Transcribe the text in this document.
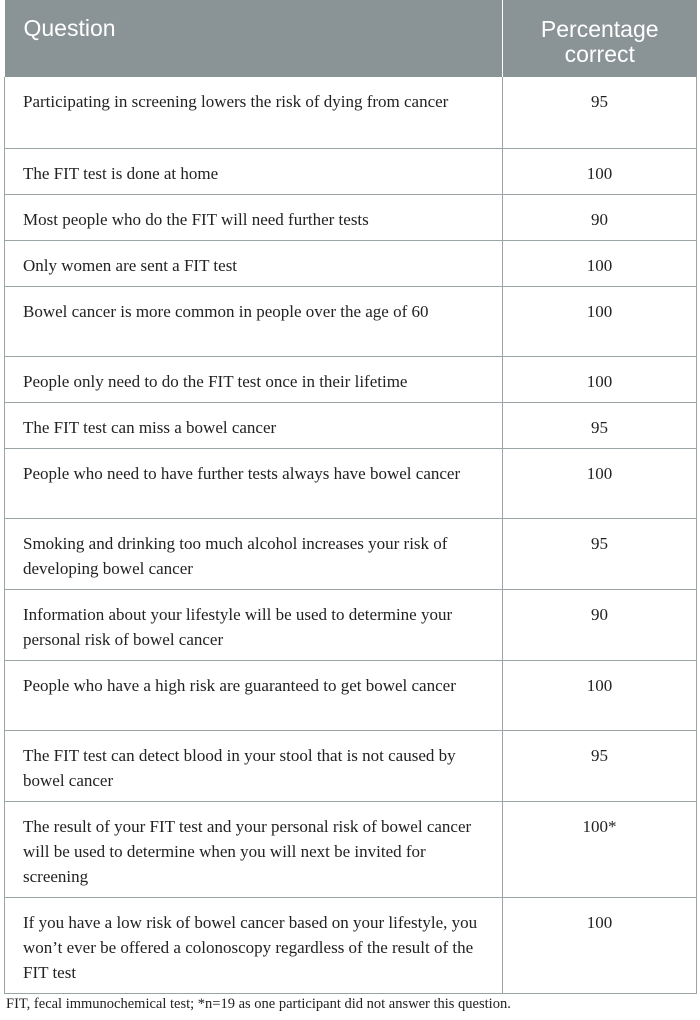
Question	Percentage correct
Participating in screening lowers the risk of dying from cancer	95
The FIT test is done at home	100
Most people who do the FIT will need further tests	90
Only women are sent a FIT test	100
Bowel cancer is more common in people over the age of 60	100
People only need to do the FIT test once in their lifetime	100
The FIT test can miss a bowel cancer	95
People who need to have further tests always have bowel cancer	100
Smoking and drinking too much alcohol increases your risk of developing bowel cancer	95
Information about your lifestyle will be used to determine your personal risk of bowel cancer	90
People who have a high risk are guaranteed to get bowel cancer	100
The FIT test can detect blood in your stool that is not caused by bowel cancer	95
The result of your FIT test and your personal risk of bowel cancer will be used to determine when you will next be invited for screening	100*
If you have a low risk of bowel cancer based on your lifestyle, you won’t ever be offered a colonoscopy regardless of the result of the FIT test	100
FIT, fecal immunochemical test; *n=19 as one participant did not answer this question.
